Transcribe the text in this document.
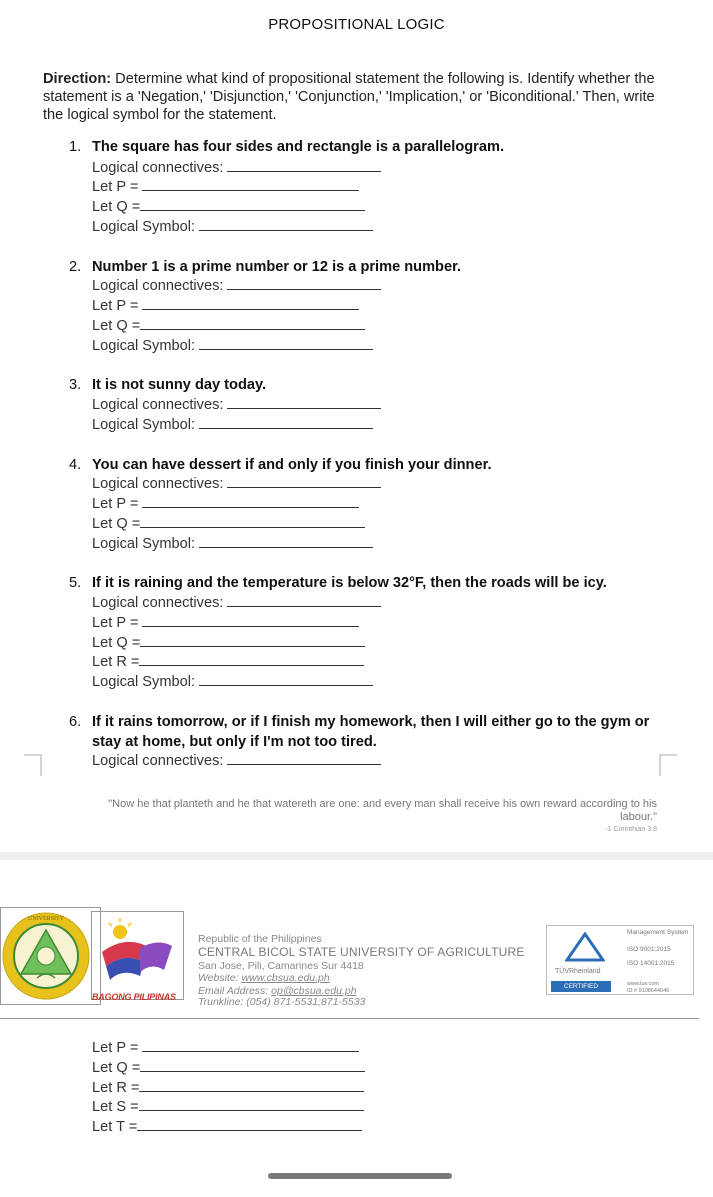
PROPOSITIONAL LOGIC
Direction: Determine what kind of propositional statement the following is. Identify whether the statement is a 'Negation,' 'Disjunction,' 'Conjunction,' 'Implication,' or 'Biconditional.' Then, write the logical symbol for the statement.
1. The square has four sides and rectangle is a parallelogram.
Logical connectives:
Let P =
Let Q =
Logical Symbol:
2. Number 1 is a prime number or 12 is a prime number.
Logical connectives:
Let P =
Let Q =
Logical Symbol:
3. It is not sunny day today.
Logical connectives:
Logical Symbol:
4. You can have dessert if and only if you finish your dinner.
Logical connectives:
Let P =
Let Q =
Logical Symbol:
5. If it is raining and the temperature is below 32°F, then the roads will be icy.
Logical connectives:
Let P =
Let Q =
Let R =
Logical Symbol:
6. If it rains tomorrow, or if I finish my homework, then I will either go to the gym or
stay at home, but only if I'm not too tired.
Logical connectives:
"Now he that planteth and he that watereth are one: and every man shall receive his own reward according to his
labour."
-1 Corinthian 3:8
UNIVERSITY
BAGONG PILIPINAS
Republic of the Philippines
CENTRAL BICOL STATE UNIVERSITY OF AGRICULTURE
San Jose, Pili, Camarines Sur 4418
Website: www.cbsua.edu.ph
Email Address: op@cbsua.edu.ph
Trunkline: (054) 871-5531;871-5533
TÜVRheinland
CERTIFIED
Management System
ISO 9001:2015
ISO 14001:2015
www.tuv.com
ID # 9108644046
Let P =
Let Q =
Let R =
Let S =
Let T =
